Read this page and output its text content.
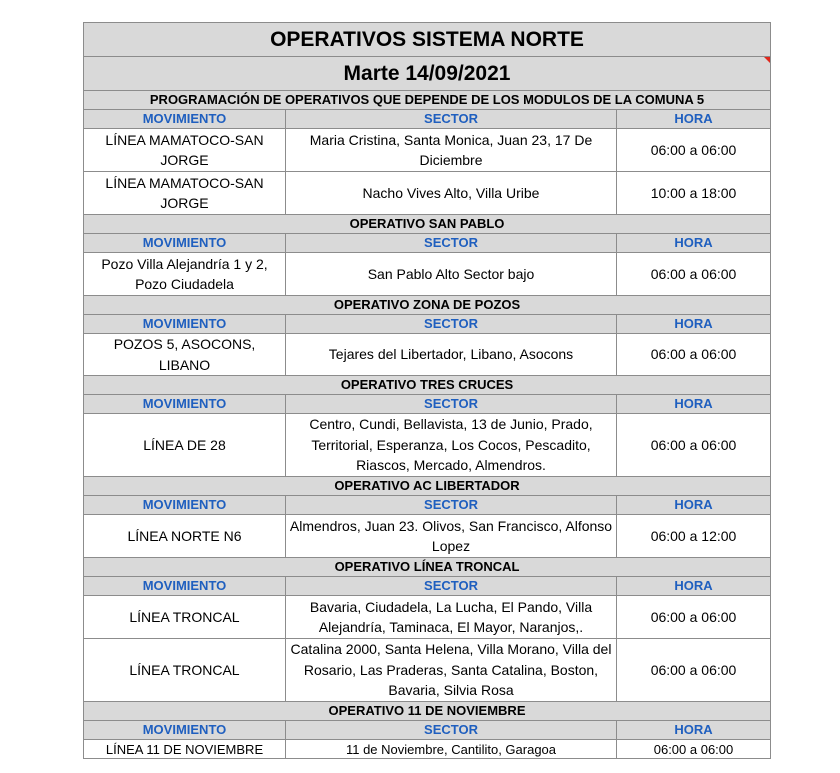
OPERATIVOS SISTEMA NORTE		
Marte 14/09/2021		

PROGRAMACIÓN DE OPERATIVOS QUE DEPENDE DE LOS MODULOS DE LA COMUNA 5		
MOVIMIENTO	SECTOR	HORA
LÍNEA MAMATOCO-SAN JORGE	Maria Cristina, Santa Monica, Juan 23, 17 De Diciembre	06:00 a 06:00
LÍNEA MAMATOCO-SAN JORGE	Nacho Vives Alto, Villa Uribe	10:00 a 18:00
OPERATIVO SAN PABLO		
MOVIMIENTO	SECTOR	HORA
Pozo Villa Alejandría 1 y 2, Pozo Ciudadela	San Pablo Alto Sector bajo	06:00 a 06:00
OPERATIVO ZONA DE POZOS		
MOVIMIENTO	SECTOR	HORA
POZOS 5, ASOCONS, LIBANO	Tejares del Libertador, Libano, Asocons	06:00 a 06:00
OPERATIVO TRES CRUCES		
MOVIMIENTO	SECTOR	HORA
LÍNEA DE 28	Centro, Cundi, Bellavista, 13 de Junio, Prado, Territorial, Esperanza, Los Cocos, Pescadito, Riascos, Mercado, Almendros.	06:00 a 06:00
OPERATIVO AC LIBERTADOR		
MOVIMIENTO	SECTOR	HORA
LÍNEA NORTE N6	Almendros, Juan 23. Olivos, San Francisco, Alfonso Lopez	06:00 a 12:00
OPERATIVO LÍNEA TRONCAL		
MOVIMIENTO	SECTOR	HORA
LÍNEA TRONCAL	Bavaria, Ciudadela, La Lucha, El Pando, Villa Alejandría, Taminaca, El Mayor, Naranjos,.	06:00 a 06:00
LÍNEA TRONCAL	Catalina 2000, Santa Helena, Villa Morano, Villa del Rosario, Las Praderas, Santa Catalina, Boston, Bavaria, Silvia Rosa	06:00 a 06:00
OPERATIVO 11 DE NOVIEMBRE		
MOVIMIENTO	SECTOR	HORA
LÍNEA 11 DE NOVIEMBRE	11 de Noviembre, Cantilito, Garagoa	06:00 a 06:00
